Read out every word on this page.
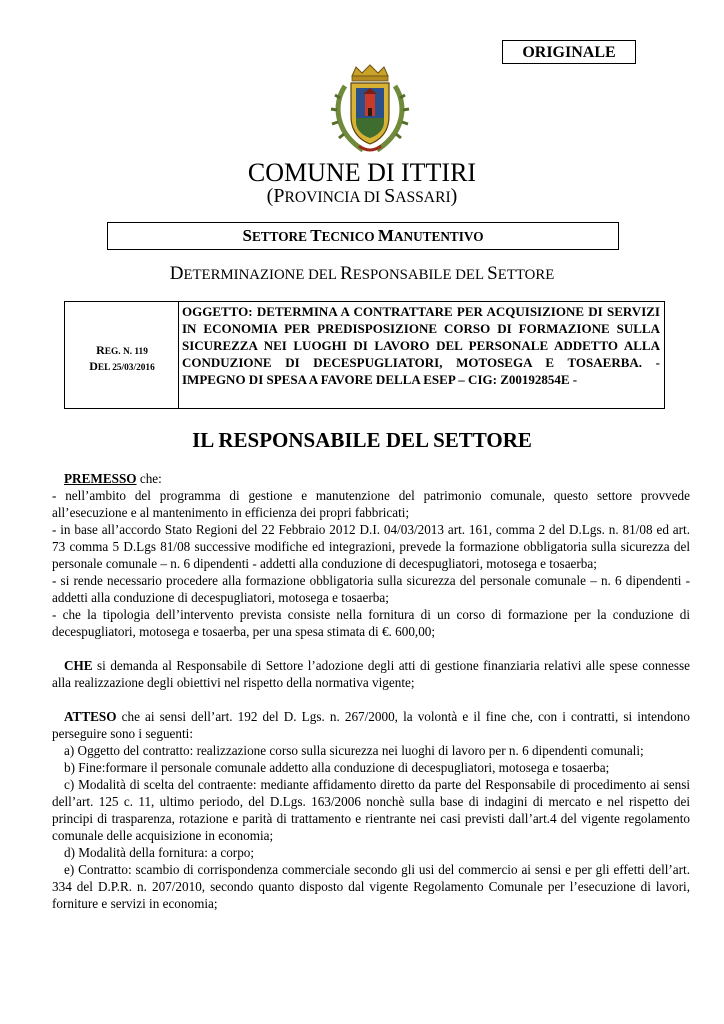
ORIGINALE
COMUNE DI ITTIRI
(PROVINCIA DI SASSARI)
SETTORE TECNICO MANUTENTIVO
DETERMINAZIONE DEL RESPONSABILE DEL SETTORE
REG. N. 119
DEL 25/03/2016
OGGETTO: DETERMINA A CONTRATTARE PER ACQUISIZIONE DI SERVIZI IN ECONOMIA PER PREDISPOSIZIONE CORSO DI FORMAZIONE SULLA SICUREZZA NEI LUOGHI DI LAVORO DEL PERSONALE ADDETTO ALLA CONDUZIONE DI DECESPUGLIATORI, MOTOSEGA E TOSAERBA. - IMPEGNO DI SPESA A FAVORE DELLA ESEP – CIG: Z00192854E -
IL RESPONSABILE DEL SETTORE

PREMESSO che:

- nell’ambito del programma di gestione e manutenzione del patrimonio comunale, questo settore provvede all’esecuzione e al mantenimento in efficienza dei propri fabbricati;

- in base all’accordo Stato Regioni del 22 Febbraio 2012 D.I. 04/03/2013 art. 161, comma 2 del D.Lgs. n. 81/08 ed art. 73 comma 5 D.Lgs 81/08 successive modifiche ed integrazioni, prevede la formazione obbligatoria sulla sicurezza del personale comunale – n. 6 dipendenti - addetti alla conduzione di decespugliatori, motosega e tosaerba;

- si rende necessario procedere alla formazione obbligatoria sulla sicurezza del personale comunale – n. 6 dipendenti - addetti alla conduzione di decespugliatori, motosega e tosaerba;

- che la tipologia dell’intervento prevista consiste nella fornitura di un corso di formazione per la conduzione di decespugliatori, motosega e tosaerba, per una spesa stimata di €. 600,00;

CHE si demanda al Responsabile di Settore l’adozione degli atti di gestione finanziaria relativi alle spese connesse alla realizzazione degli obiettivi nel rispetto della normativa vigente;

ATTESO che ai sensi dell’art. 192 del D. Lgs. n. 267/2000, la volontà e il fine che, con i contratti, si intendono perseguire sono i seguenti:

a) Oggetto del contratto: realizzazione corso sulla sicurezza nei luoghi di lavoro per n. 6 dipendenti comunali;

b) Fine:formare il personale comunale addetto alla conduzione di decespugliatori, motosega e tosaerba;

c) Modalità di scelta del contraente: mediante affidamento diretto da parte del Responsabile di procedimento ai sensi dell’art. 125 c. 11, ultimo periodo, del D.Lgs. 163/2006 nonchè sulla base di indagini di mercato e nel rispetto dei principi di trasparenza, rotazione e parità di trattamento e rientrante nei casi previsti dall’art.4 del vigente regolamento comunale delle acquisizione in economia;

d) Modalità della fornitura: a corpo;

e) Contratto: scambio di corrispondenza commerciale secondo gli usi del commercio ai sensi e per gli effetti dell’art. 334 del D.P.R. n. 207/2010, secondo quanto disposto dal vigente Regolamento Comunale per l’esecuzione di lavori, forniture e servizi in economia;
